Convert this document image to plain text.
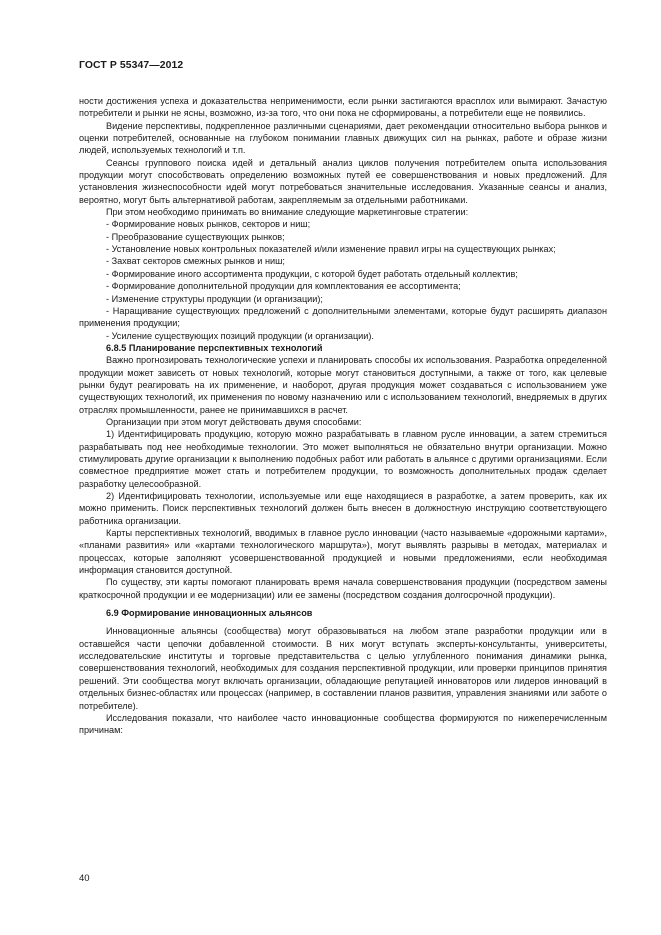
ГОСТ Р 55347—2012

ности достижения успеха и доказательства неприменимости, если рынки застигаются врасплох или вымирают. Зачастую потребители и рынки не ясны, возможно, из-за того, что они пока не сформированы, а потребители еще не появились.

Видение перспективы, подкрепленное различными сценариями, дает рекомендации относительно выбора рынков и оценки потребителей, основанные на глубоком понимании главных движущих сил на рынках, работе и образе жизни людей, используемых технологий и т.п.

Сеансы группового поиска идей и детальный анализ циклов получения потребителем опыта использования продукции могут способствовать определению возможных путей ее совершенствования и новых предложений. Для установления жизнеспособности идей могут потребоваться значительные исследования. Указанные сеансы и анализ, вероятно, могут быть альтернативой работам, закрепляемым за отдельными работниками.

При этом необходимо принимать во внимание следующие маркетинговые стратегии:

- Формирование новых рынков, секторов и ниш;

- Преобразование существующих рынков;

- Установление новых контрольных показателей и/или изменение правил игры на существующих рынках;

- Захват секторов смежных рынков и ниш;

- Формирование иного ассортимента продукции, с которой будет работать отдельный коллектив;

- Формирование дополнительной продукции для комплектования ее ассортимента;

- Изменение структуры продукции (и организации);

- Наращивание существующих предложений с дополнительными элементами, которые будут расширять диапазон применения продукции;

- Усиление существующих позиций продукции (и организации).

6.8.5 Планирование перспективных технологий

Важно прогнозировать технологические успехи и планировать способы их использования. Разработка определенной продукции может зависеть от новых технологий, которые могут становиться доступными, а также от того, как целевые рынки будут реагировать на их применение, и наоборот, другая продукция может создаваться с использованием уже существующих технологий, их применения по новому назначению или с использованием технологий, внедряемых в других отраслях промышленности, ранее не принимавшихся в расчет.

Организации при этом могут действовать двумя способами:

1) Идентифицировать продукцию, которую можно разрабатывать в главном русле инновации, а затем стремиться разрабатывать под нее необходимые технологии. Это может выполняться не обязательно внутри организации. Можно стимулировать другие организации к выполнению подобных работ или работать в альянсе с другими организациями. Если совместное предприятие может стать и потребителем продукции, то возможность дополнительных продаж сделает разработку целесообразной.

2) Идентифицировать технологии, используемые или еще находящиеся в разработке, а затем проверить, как их можно применить. Поиск перспективных технологий должен быть внесен в должностную инструкцию соответствующего работника организации.

Карты перспективных технологий, вводимых в главное русло инновации (часто называемые «дорожными картами», «планами развития» или «картами технологического маршрута»), могут выявлять разрывы в методах, материалах и процессах, которые заполняют усовершенствованной продукцией и новыми предложениями, если необходимая информация становится доступной.

По существу, эти карты помогают планировать время начала совершенствования продукции (посредством замены краткосрочной продукции и ее модернизации) или ее замены (посредством создания долгосрочной продукции).

6.9 Формирование инновационных альянсов

Инновационные альянсы (сообщества) могут образовываться на любом этапе разработки продукции или в оставшейся части цепочки добавленной стоимости. В них могут вступать эксперты-консультанты, университеты, исследовательские институты и торговые представительства с целью углубленного понимания динамики рынка, совершенствования технологий, необходимых для создания перспективной продукции, или проверки принципов принятия решений. Эти сообщества могут включать организации, обладающие репутацией инноваторов или лидеров инноваций в отдельных бизнес-областях или процессах (например, в составлении планов развития, управления знаниями или заботе о потребителе).

Исследования показали, что наиболее часто инновационные сообщества формируются по нижеперечисленным причинам:

40
